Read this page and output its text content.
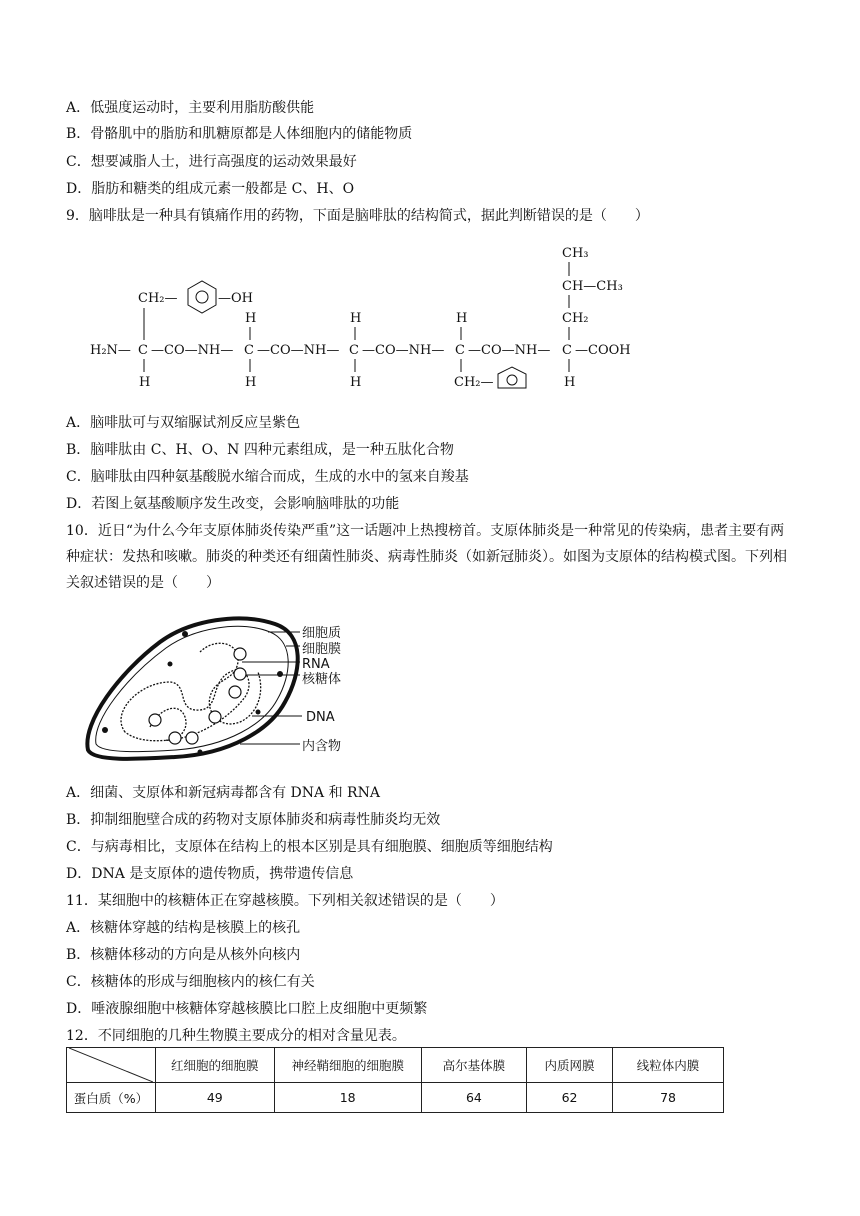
A．低强度运动时，主要利用脂肪酸供能
B．骨骼肌中的脂肪和肌糖原都是人体细胞内的储能物质
C．想要减脂人士，进行高强度的运动效果最好
D．脂肪和糖类的组成元素一般都是 C、H、O
9．脑啡肽是一种具有镇痛作用的药物，下面是脑啡肽的结构简式，据此判断错误的是（　　）
CH₃
CH—CH₃
CH₂
CH₂—	—OH
H	H	H
H₂N— C —CO—NH— C —CO—NH— C —CO—NH— C —CO—NH— C —COOH
H	H	H	CH₂—	H
A．脑啡肽可与双缩脲试剂反应呈紫色
B．脑啡肽由 C、H、O、N 四种元素组成，是一种五肽化合物
C．脑啡肽由四种氨基酸脱水缩合而成，生成的水中的氢来自羧基
D．若图上氨基酸顺序发生改变，会影响脑啡肽的功能
10．近日“为什么今年支原体肺炎传染严重”这一话题冲上热搜榜首。支原体肺炎是一种常见的传染病，患者主要有两种症状：发热和咳嗽。肺炎的种类还有细菌性肺炎、病毒性肺炎（如新冠肺炎）。如图为支原体的结构模式图。下列相关叙述错误的是（　　）
细胞质
细胞膜
RNA
核糖体
DNA
内含物
A．细菌、支原体和新冠病毒都含有 DNA 和 RNA
B．抑制细胞壁合成的药物对支原体肺炎和病毒性肺炎均无效
C．与病毒相比，支原体在结构上的根本区别是具有细胞膜、细胞质等细胞结构
D．DNA 是支原体的遗传物质，携带遗传信息
11．某细胞中的核糖体正在穿越核膜。下列相关叙述错误的是（　　）
A．核糖体穿越的结构是核膜上的核孔
B．核糖体移动的方向是从核外向核内
C．核糖体的形成与细胞核内的核仁有关
D．唾液腺细胞中核糖体穿越核膜比口腔上皮细胞中更频繁
12．不同细胞的几种生物膜主要成分的相对含量见表。
	红细胞的细胞膜	神经鞘细胞的细胞膜	高尔基体膜	内质网膜	线粒体内膜
蛋白质（%）	49	18	64	62	78
